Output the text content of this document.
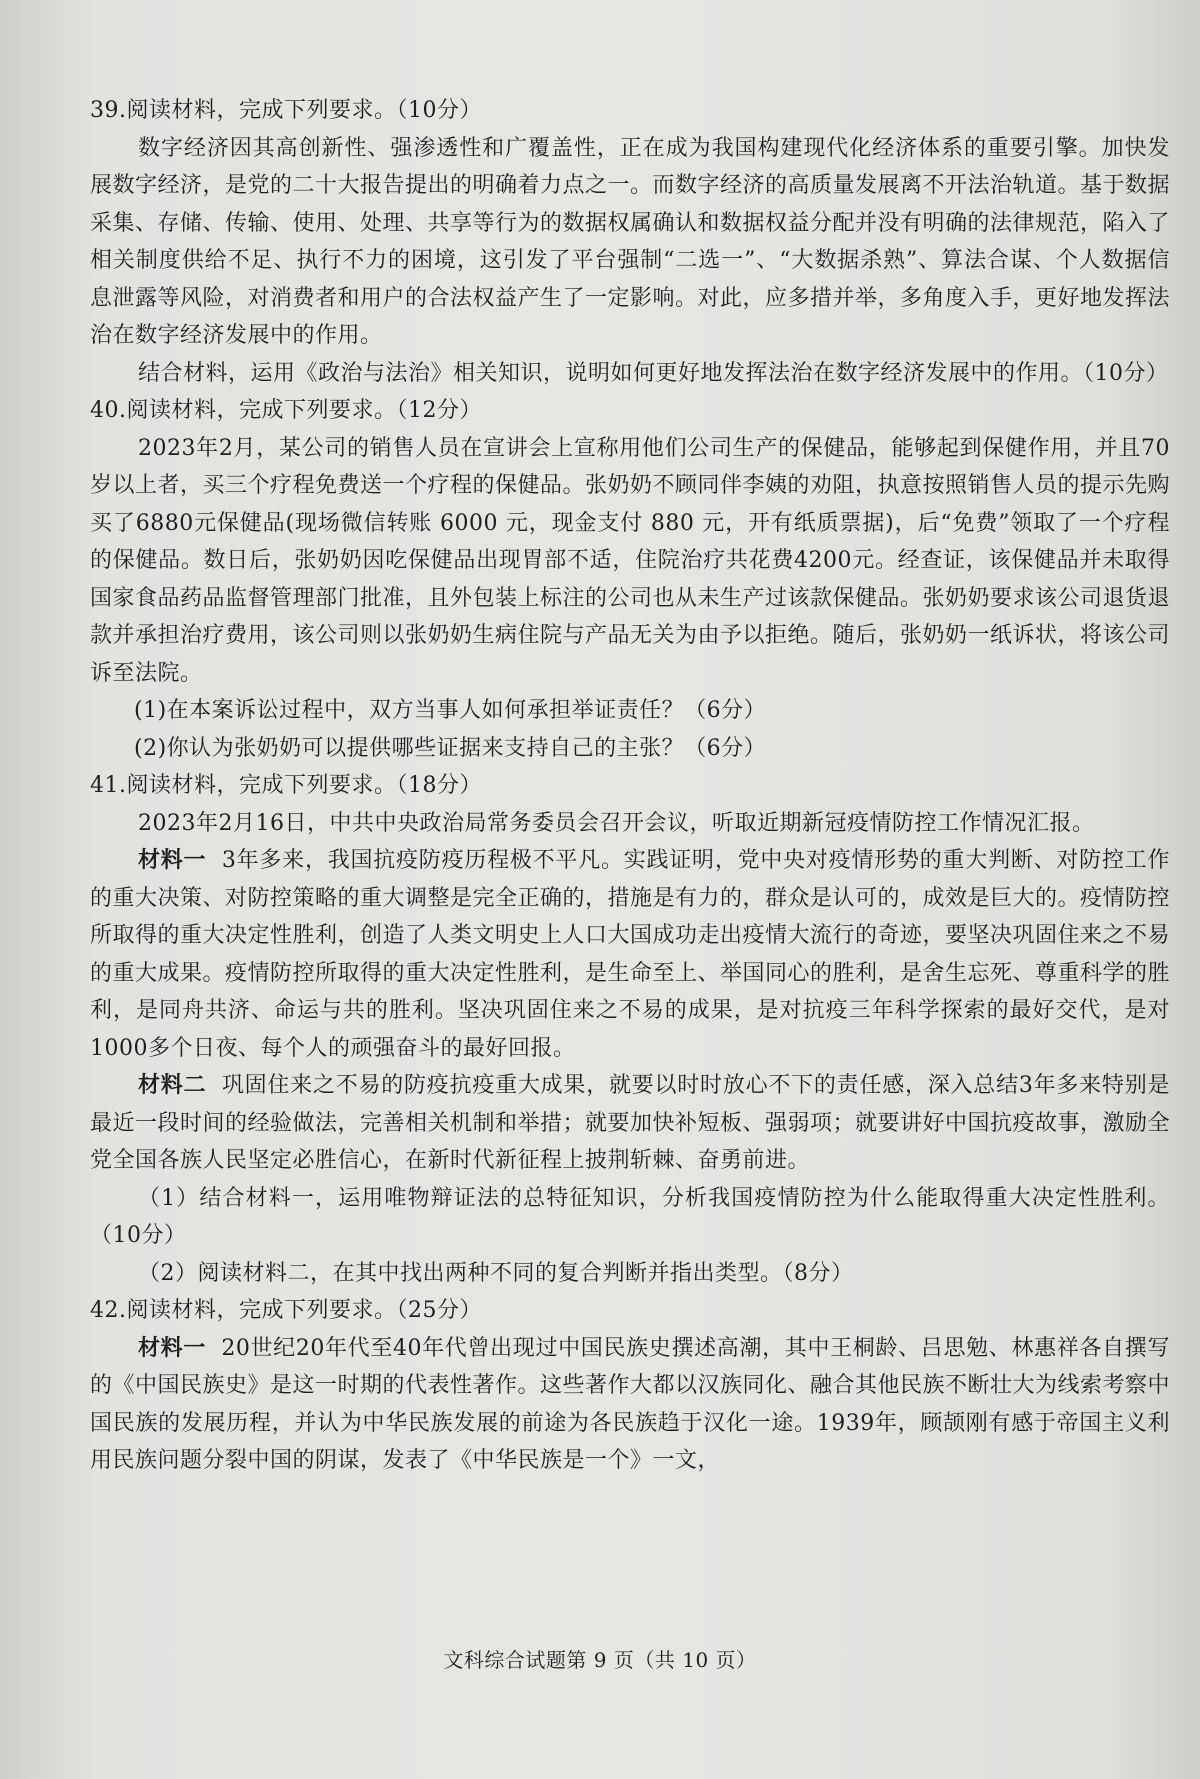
39.阅读材料，完成下列要求。（10分）

数字经济因其高创新性、强渗透性和广覆盖性，正在成为我国构建现代化经济体系的重要引擎。加快发展数字经济，是党的二十大报告提出的明确着力点之一。而数字经济的高质量发展离不开法治轨道。基于数据采集、存储、传输、使用、处理、共享等行为的数据权属确认和数据权益分配并没有明确的法律规范，陷入了相关制度供给不足、执行不力的困境，这引发了平台强制“二选一”、“大数据杀熟”、算法合谋、个人数据信息泄露等风险，对消费者和用户的合法权益产生了一定影响。对此，应多措并举，多角度入手，更好地发挥法治在数字经济发展中的作用。

结合材料，运用《政治与法治》相关知识，说明如何更好地发挥法治在数字经济发展中的作用。（10分）

40.阅读材料，完成下列要求。（12分）

2023年2月，某公司的销售人员在宣讲会上宣称用他们公司生产的保健品，能够起到保健作用，并且70岁以上者，买三个疗程免费送一个疗程的保健品。张奶奶不顾同伴李姨的劝阻，执意按照销售人员的提示先购买了6880元保健品(现场微信转账 6000 元，现金支付 880 元，开有纸质票据)，后“免费”领取了一个疗程的保健品。数日后，张奶奶因吃保健品出现胃部不适，住院治疗共花费4200元。经查证，该保健品并未取得国家食品药品监督管理部门批准，且外包装上标注的公司也从未生产过该款保健品。张奶奶要求该公司退货退款并承担治疗费用，该公司则以张奶奶生病住院与产品无关为由予以拒绝。随后，张奶奶一纸诉状，将该公司诉至法院。

(1)在本案诉讼过程中，双方当事人如何承担举证责任？（6分）

(2)你认为张奶奶可以提供哪些证据来支持自己的主张？（6分）

41.阅读材料，完成下列要求。（18分）

2023年2月16日，中共中央政治局常务委员会召开会议，听取近期新冠疫情防控工作情况汇报。

材料一 3年多来，我国抗疫防疫历程极不平凡。实践证明，党中央对疫情形势的重大判断、对防控工作的重大决策、对防控策略的重大调整是完全正确的，措施是有力的，群众是认可的，成效是巨大的。疫情防控所取得的重大决定性胜利，创造了人类文明史上人口大国成功走出疫情大流行的奇迹，要坚决巩固住来之不易的重大成果。疫情防控所取得的重大决定性胜利，是生命至上、举国同心的胜利，是舍生忘死、尊重科学的胜利，是同舟共济、命运与共的胜利。坚决巩固住来之不易的成果，是对抗疫三年科学探索的最好交代，是对1000多个日夜、每个人的顽强奋斗的最好回报。

材料二 巩固住来之不易的防疫抗疫重大成果，就要以时时放心不下的责任感，深入总结3年多来特别是最近一段时间的经验做法，完善相关机制和举措；就要加快补短板、强弱项；就要讲好中国抗疫故事，激励全党全国各族人民坚定必胜信心，在新时代新征程上披荆斩棘、奋勇前进。

（1）结合材料一，运用唯物辩证法的总特征知识，分析我国疫情防控为什么能取得重大决定性胜利。（10分）

（2）阅读材料二，在其中找出两种不同的复合判断并指出类型。（8分）

42.阅读材料，完成下列要求。（25分）

材料一 20世纪20年代至40年代曾出现过中国民族史撰述高潮，其中王桐龄、吕思勉、林惠祥各自撰写的《中国民族史》是这一时期的代表性著作。这些著作大都以汉族同化、融合其他民族不断壮大为线索考察中国民族的发展历程，并认为中华民族发展的前途为各民族趋于汉化一途。1939年，顾颉刚有感于帝国主义利用民族问题分裂中国的阴谋，发表了《中华民族是一个》一文，

文科综合试题第 9 页（共 10 页）
